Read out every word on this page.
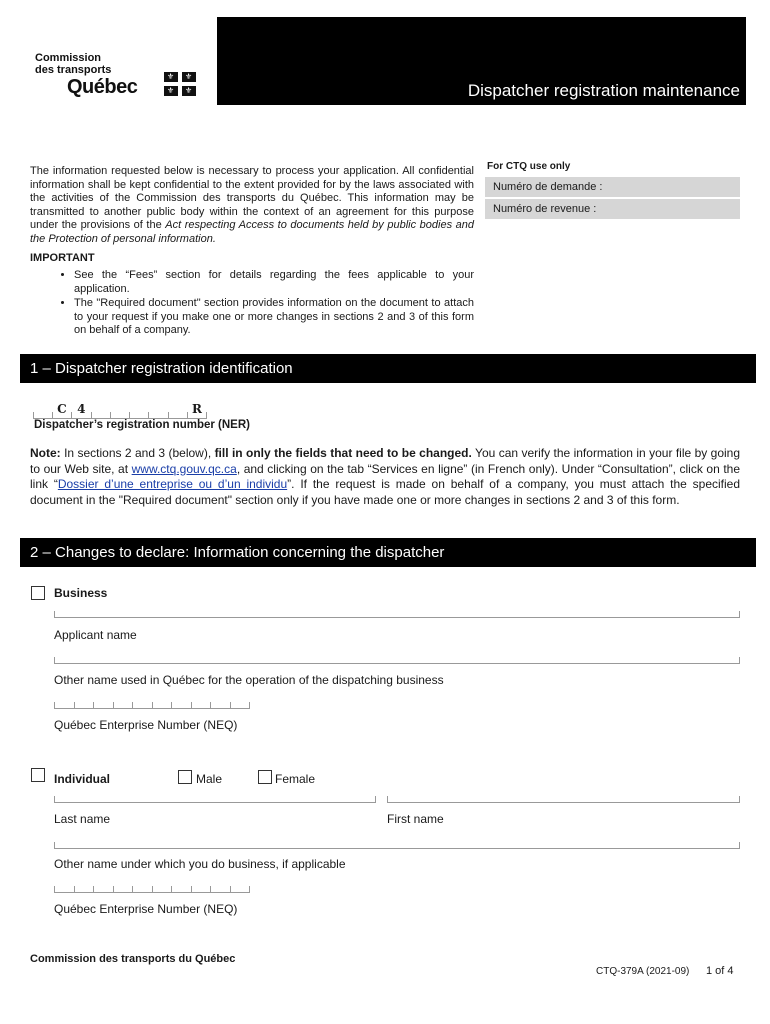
Commission
des transports
Québec	⚜ ⚜
⚜ ⚜	Dispatcher registration maintenance
The information requested below is necessary to process your application. All confidential information shall be kept confidential to the extent provided for by the laws associated with the activities of the Commission des transports du Québec. This information may be transmitted to another public body within the context of an agreement for this purpose under the provisions of the Act respecting Access to documents held by public bodies and the Protection of personal information.
IMPORTANT
• See the “Fees” section for details regarding the fees applicable to your application.
• The "Required document" section provides information on the document to attach to your request if you make one or more changes in sections 2 and 3 of this form on behalf of a company.
For CTQ use only
Numéro de demande :
Numéro de revenue :
1 – Dispatcher registration identification
C 4	R
Dispatcher’s registration number (NER)
Note: In sections 2 and 3 (below), fill in only the fields that need to be changed. You can verify the information in your file by going to our Web site, at www.ctq.gouv.qc.ca, and clicking on the tab “Services en ligne” (in French only). Under “Consultation”, click on the link “Dossier d’une entreprise ou d’un individu”. If the request is made on behalf of a company, you must attach the specified document in the "Required document" section only if you have made one or more changes in sections 2 and 3 of this form.
2 – Changes to declare: Information concerning the dispatcher
Business
Applicant name
Other name used in Québec for the operation of the dispatching business
Québec Enterprise Number (NEQ)
Individual	Male	Female
Last name	First name
Other name under which you do business, if applicable
Québec Enterprise Number (NEQ)
Commission des transports du Québec
CTQ-379A (2021-09) 1 of 4
